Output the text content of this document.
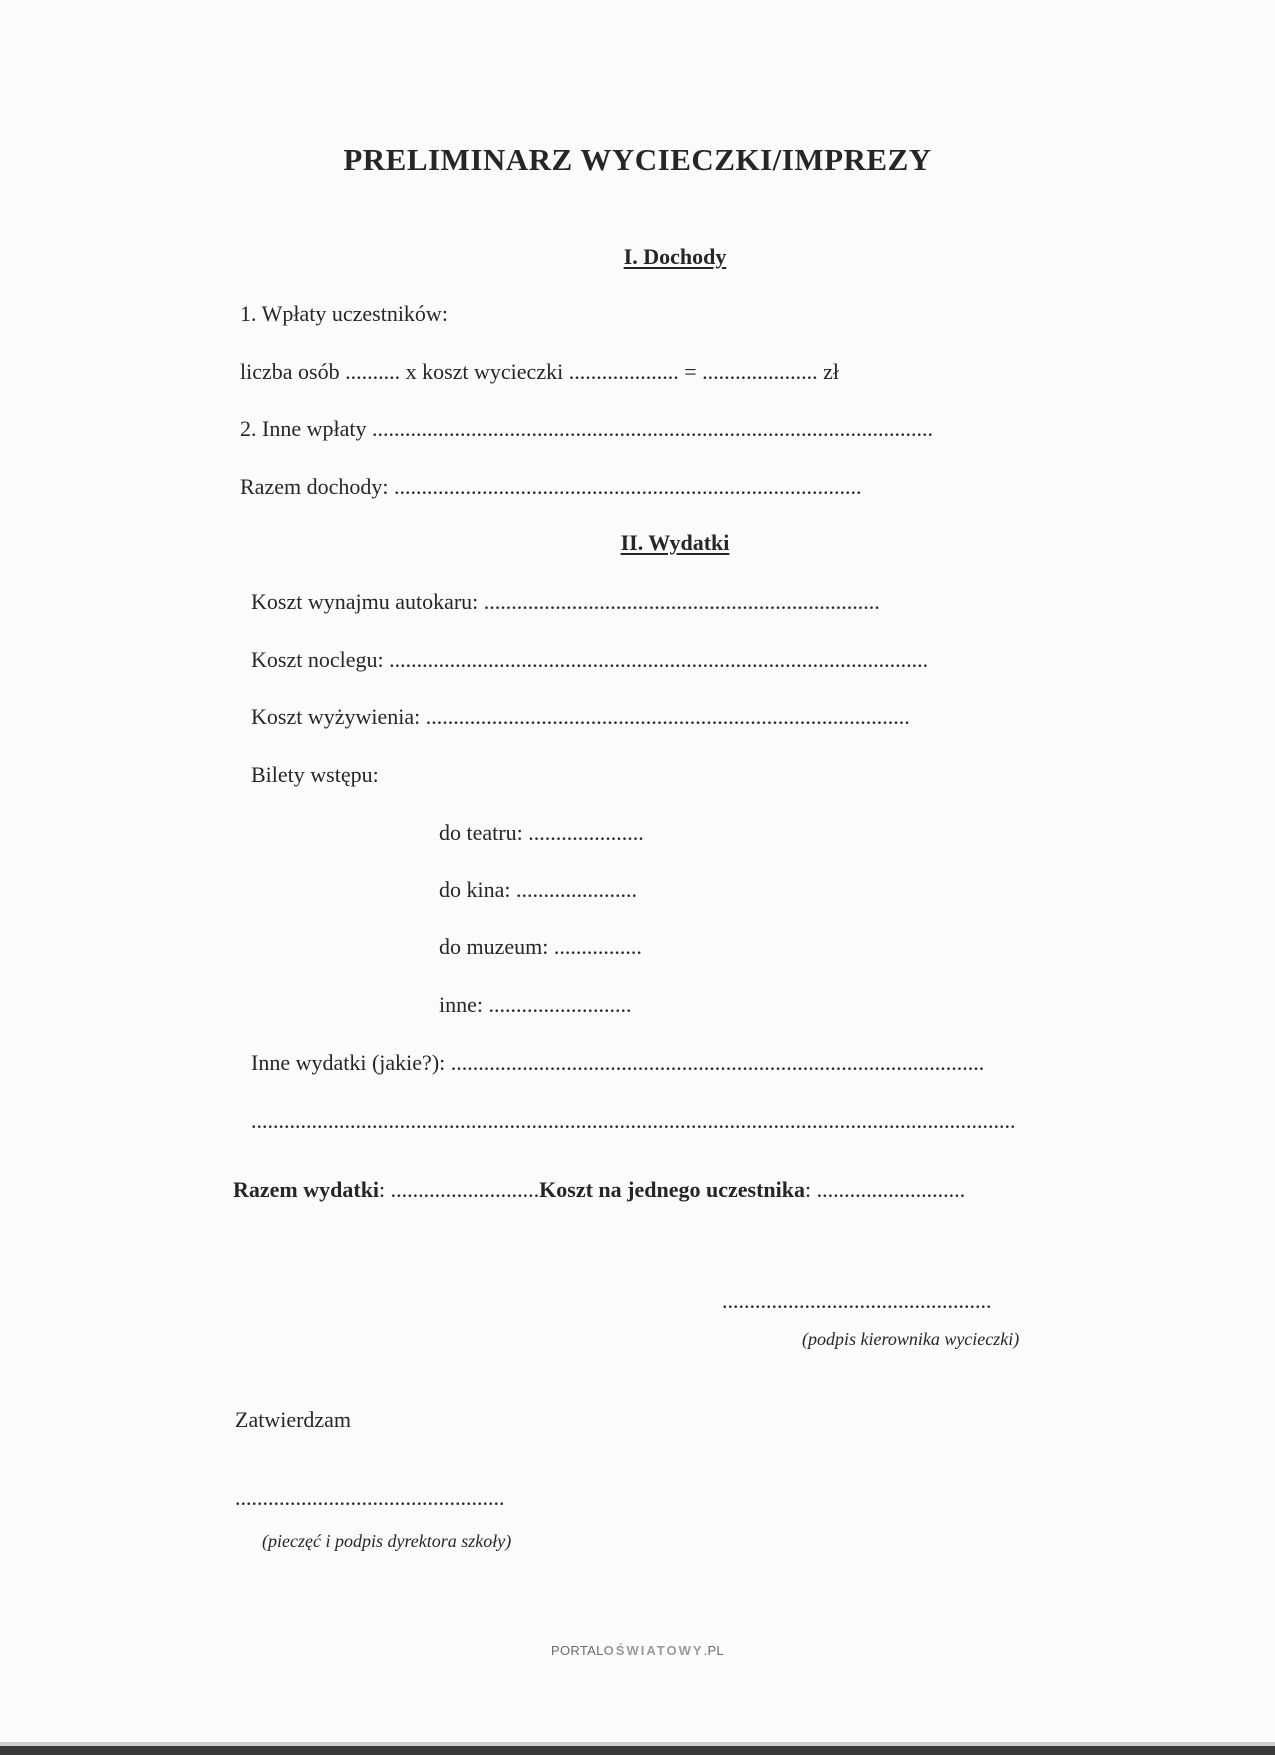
PRELIMINARZ WYCIECZKI/IMPREZY
I. Dochody
1. Wpłaty uczestników:
liczba osób .......... x koszt wycieczki .................... = ..................... zł
2. Inne wpłaty ......................................................................................................
Razem dochody: .....................................................................................
II. Wydatki
Koszt wynajmu autokaru: ........................................................................
Koszt noclegu: ..................................................................................................
Koszt wyżywienia: ........................................................................................
Bilety wstępu:
do teatru: .....................
do kina: ......................
do muzeum: ................
inne: ..........................
Inne wydatki (jakie?): .................................................................................................
...........................................................................................................................................
Razem wydatki: ...........................Koszt na jednego uczestnika: ...........................
.................................................
(podpis kierownika wycieczki)
Zatwierdzam
.................................................
(pieczęć i podpis dyrektora szkoły)
PORTALOŚWIATOWY.PL
